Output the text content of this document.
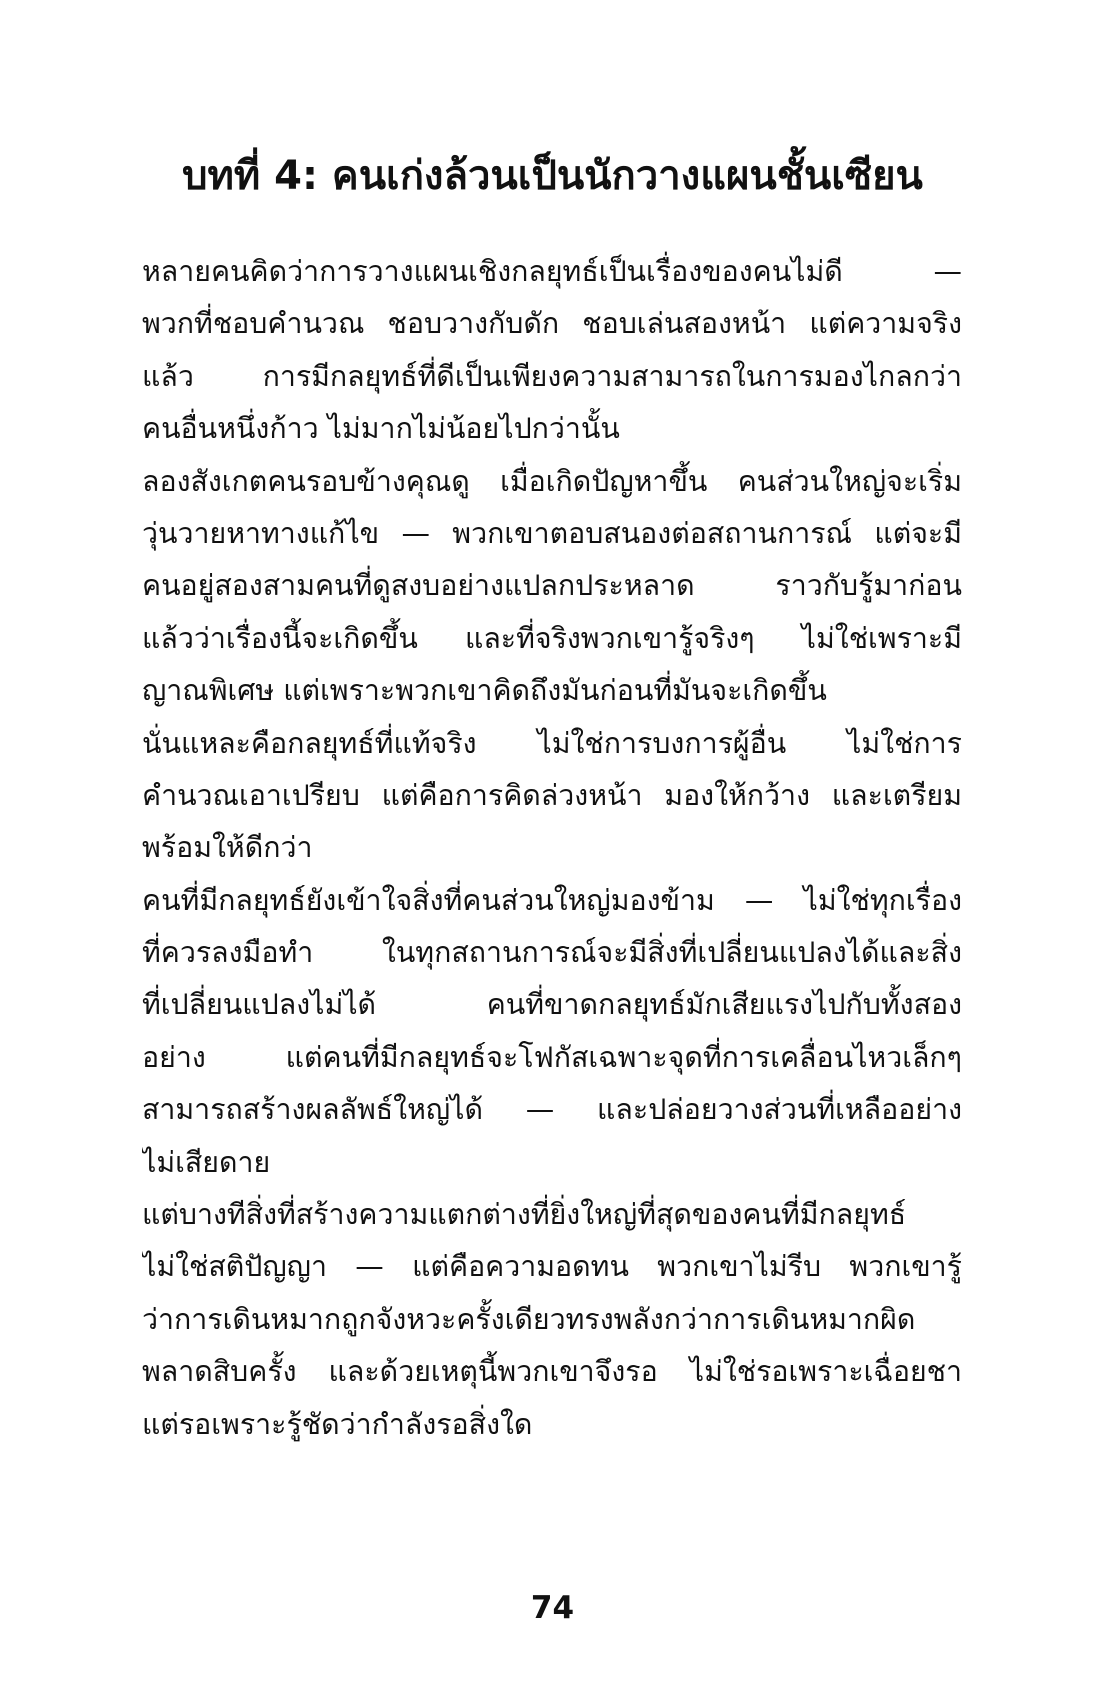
บทที่ 4: คนเก่งล้วนเป็นนักวางแผนชั้นเซียน
หลายคนคิดว่าการวางแผนเชิงกลยุทธ์เป็นเรื่องของคนไม่ดี —
พวกที่ชอบคำนวณ ชอบวางกับดัก ชอบเล่นสองหน้า แต่ความจริง
แล้ว การมีกลยุทธ์ที่ดีเป็นเพียงความสามารถในการมองไกลกว่า
คนอื่นหนึ่งก้าว ไม่มากไม่น้อยไปกว่านั้น
ลองสังเกตคนรอบข้างคุณดู เมื่อเกิดปัญหาขึ้น คนส่วนใหญ่จะเริ่ม
วุ่นวายหาทางแก้ไข — พวกเขาตอบสนองต่อสถานการณ์ แต่จะมี
คนอยู่สองสามคนที่ดูสงบอย่างแปลกประหลาด ราวกับรู้มาก่อน
แล้วว่าเรื่องนี้จะเกิดขึ้น และที่จริงพวกเขารู้จริงๆ ไม่ใช่เพราะมี
ญาณพิเศษ แต่เพราะพวกเขาคิดถึงมันก่อนที่มันจะเกิดขึ้น
นั่นแหละคือกลยุทธ์ที่แท้จริง ไม่ใช่การบงการผู้อื่น ไม่ใช่การ
คำนวณเอาเปรียบ แต่คือการคิดล่วงหน้า มองให้กว้าง และเตรียม
พร้อมให้ดีกว่า
คนที่มีกลยุทธ์ยังเข้าใจสิ่งที่คนส่วนใหญ่มองข้าม — ไม่ใช่ทุกเรื่อง
ที่ควรลงมือทำ ในทุกสถานการณ์จะมีสิ่งที่เปลี่ยนแปลงได้และสิ่ง
ที่เปลี่ยนแปลงไม่ได้ คนที่ขาดกลยุทธ์มักเสียแรงไปกับทั้งสอง
อย่าง แต่คนที่มีกลยุทธ์จะโฟกัสเฉพาะจุดที่การเคลื่อนไหวเล็กๆ
สามารถสร้างผลลัพธ์ใหญ่ได้ — และปล่อยวางส่วนที่เหลืออย่าง
ไม่เสียดาย
แต่บางทีสิ่งที่สร้างความแตกต่างที่ยิ่งใหญ่ที่สุดของคนที่มีกลยุทธ์
ไม่ใช่สติปัญญา — แต่คือความอดทน พวกเขาไม่รีบ พวกเขารู้
ว่าการเดินหมากถูกจังหวะครั้งเดียวทรงพลังกว่าการเดินหมากผิด
พลาดสิบครั้ง และด้วยเหตุนี้พวกเขาจึงรอ ไม่ใช่รอเพราะเฉื่อยชา
แต่รอเพราะรู้ชัดว่ากำลังรอสิ่งใด
74
